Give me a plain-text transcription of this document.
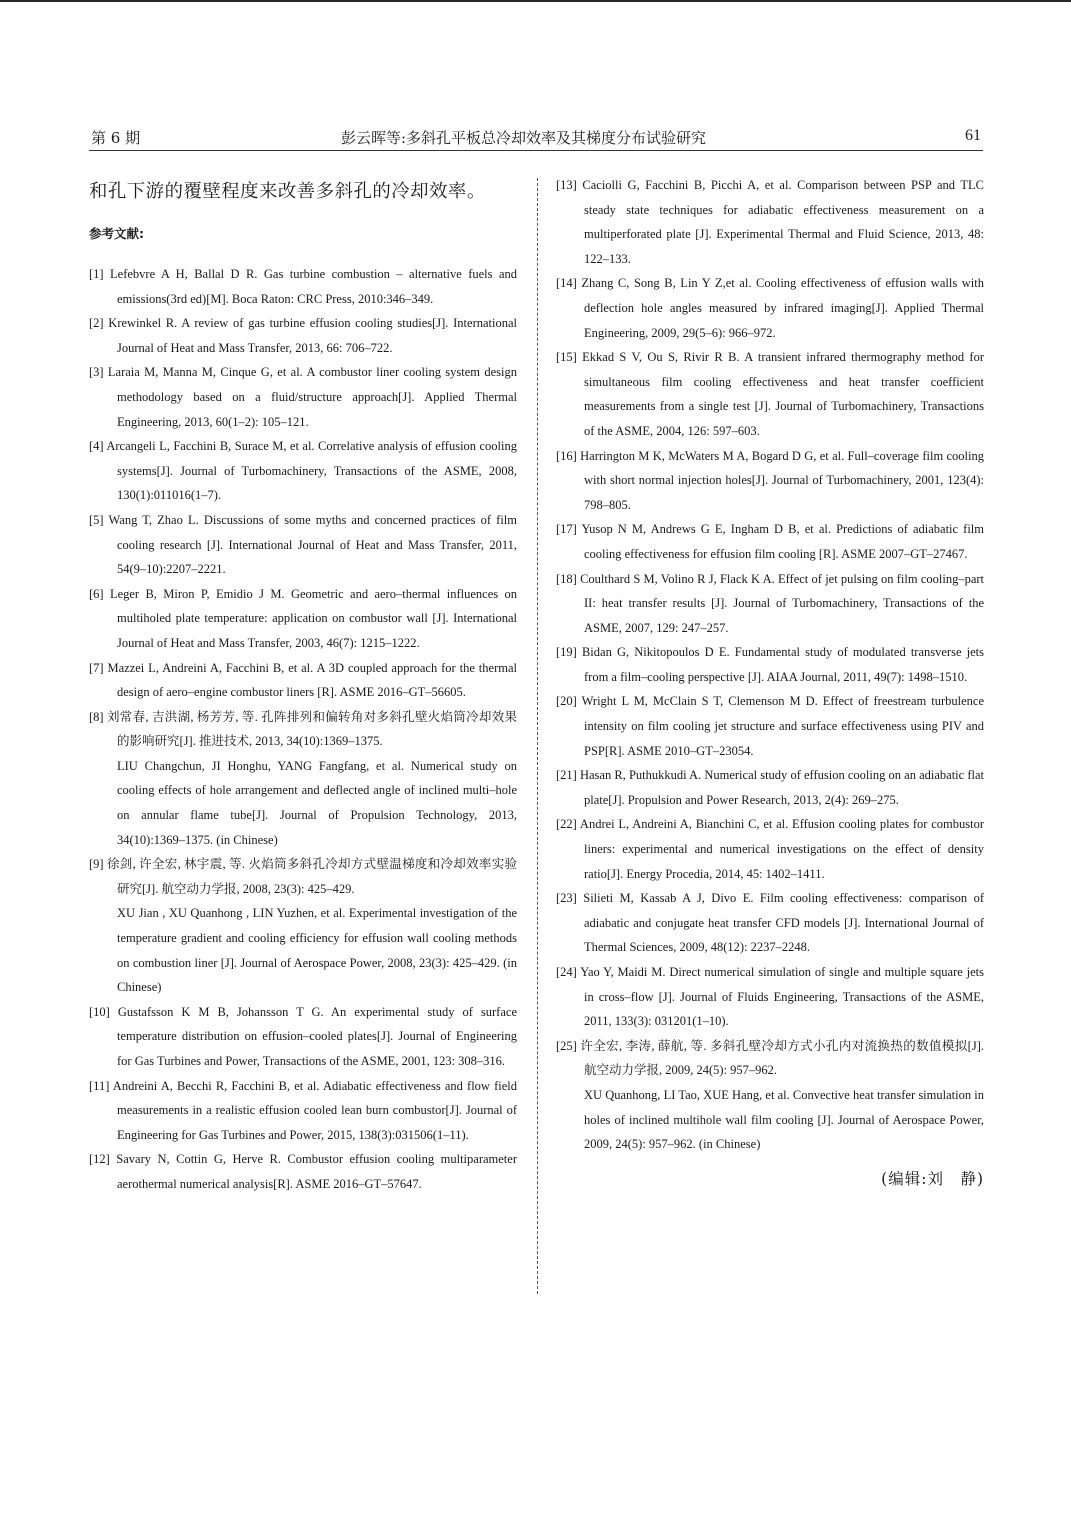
第 6 期	彭云晖等:多斜孔平板总冷却效率及其梯度分布试验研究	61

和孔下游的覆壁程度来改善多斜孔的冷却效率。

参考文献:
[1] Lefebvre A H, Ballal D R. Gas turbine combustion – alternative fuels and emissions(3rd ed)[M]. Boca Raton: CRC Press, 2010:346–349.
[2] Krewinkel R. A review of gas turbine effusion cooling studies[J]. International Journal of Heat and Mass Transfer, 2013, 66: 706–722.
[3] Laraia M, Manna M, Cinque G, et al. A combustor liner cooling system design methodology based on a fluid/structure approach[J]. Applied Thermal Engineering, 2013, 60(1–2): 105–121.
[4] Arcangeli L, Facchini B, Surace M, et al. Correlative analysis of effusion cooling systems[J]. Journal of Turbomachinery, Transactions of the ASME, 2008, 130(1):011016(1–7).
[5] Wang T, Zhao L. Discussions of some myths and concerned practices of film cooling research [J]. International Journal of Heat and Mass Transfer, 2011, 54(9–10):2207–2221.
[6] Leger B, Miron P, Emidio J M. Geometric and aero–thermal influences on multiholed plate temperature: application on combustor wall [J]. International Journal of Heat and Mass Transfer, 2003, 46(7): 1215–1222.
[7] Mazzei L, Andreini A, Facchini B, et al. A 3D coupled approach for the thermal design of aero–engine combustor liners [R]. ASME 2016–GT–56605.
[8] 刘常春, 吉洪湖, 杨芳芳, 等. 孔阵排列和偏转角对多斜孔壁火焰筒冷却效果的影响研究[J]. 推进技术, 2013, 34(10):1369–1375.
LIU Changchun, JI Honghu, YANG Fangfang, et al. Numerical study on cooling effects of hole arrangement and deflected angle of inclined multi–hole on annular flame tube[J]. Journal of Propulsion Technology, 2013, 34(10):1369–1375. (in Chinese)
[9] 徐剑, 许全宏, 林宇震, 等. 火焰筒多斜孔冷却方式壁温梯度和冷却效率实验研究[J]. 航空动力学报, 2008, 23(3): 425–429.
XU Jian , XU Quanhong , LIN Yuzhen, et al. Experimental investigation of the temperature gradient and cooling efficiency for effusion wall cooling methods on combustion liner [J]. Journal of Aerospace Power, 2008, 23(3): 425–429. (in Chinese)
[10] Gustafsson K M B, Johansson T G. An experimental study of surface temperature distribution on effusion–cooled plates[J]. Journal of Engineering for Gas Turbines and Power, Transactions of the ASME, 2001, 123: 308–316.
[11] Andreini A, Becchi R, Facchini B, et al. Adiabatic effectiveness and flow field measurements in a realistic effusion cooled lean burn combustor[J]. Journal of Engineering for Gas Turbines and Power, 2015, 138(3):031506(1–11).
[12] Savary N, Cottin G, Herve R. Combustor effusion cooling multiparameter aerothermal numerical analysis[R]. ASME 2016–GT–57647.
[13] Caciolli G, Facchini B, Picchi A, et al. Comparison between PSP and TLC steady state techniques for adiabatic effectiveness measurement on a multiperforated plate [J]. Experimental Thermal and Fluid Science, 2013, 48: 122–133.
[14] Zhang C, Song B, Lin Y Z,et al. Cooling effectiveness of effusion walls with deflection hole angles measured by infrared imaging[J]. Applied Thermal Engineering, 2009, 29(5–6): 966–972.
[15] Ekkad S V, Ou S, Rivir R B. A transient infrared thermography method for simultaneous film cooling effectiveness and heat transfer coefficient measurements from a single test [J]. Journal of Turbomachinery, Transactions of the ASME, 2004, 126: 597–603.
[16] Harrington M K, McWaters M A, Bogard D G, et al. Full–coverage film cooling with short normal injection holes[J]. Journal of Turbomachinery, 2001, 123(4): 798–805.
[17] Yusop N M, Andrews G E, Ingham D B, et al. Predictions of adiabatic film cooling effectiveness for effusion film cooling [R]. ASME 2007–GT–27467.
[18] Coulthard S M, Volino R J, Flack K A. Effect of jet pulsing on film cooling–part II: heat transfer results [J]. Journal of Turbomachinery, Transactions of the ASME, 2007, 129: 247–257.
[19] Bidan G, Nikitopoulos D E. Fundamental study of modulated transverse jets from a film–cooling perspective [J]. AIAA Journal, 2011, 49(7): 1498–1510.
[20] Wright L M, McClain S T, Clemenson M D. Effect of freestream turbulence intensity on film cooling jet structure and surface effectiveness using PIV and PSP[R]. ASME 2010–GT–23054.
[21] Hasan R, Puthukkudi A. Numerical study of effusion cooling on an adiabatic flat plate[J]. Propulsion and Power Research, 2013, 2(4): 269–275.
[22] Andrei L, Andreini A, Bianchini C, et al. Effusion cooling plates for combustor liners: experimental and numerical investigations on the effect of density ratio[J]. Energy Procedia, 2014, 45: 1402–1411.
[23] Silieti M, Kassab A J, Divo E. Film cooling effectiveness: comparison of adiabatic and conjugate heat transfer CFD models [J]. International Journal of Thermal Sciences, 2009, 48(12): 2237–2248.
[24] Yao Y, Maidi M. Direct numerical simulation of single and multiple square jets in cross–flow [J]. Journal of Fluids Engineering, Transactions of the ASME, 2011, 133(3): 031201(1–10).
[25] 许全宏, 李涛, 薛航, 等. 多斜孔壁冷却方式小孔内对流换热的数值模拟[J]. 航空动力学报, 2009, 24(5): 957–962.
XU Quanhong, LI Tao, XUE Hang, et al. Convective heat transfer simulation in holes of inclined multihole wall film cooling [J]. Journal of Aerospace Power, 2009, 24(5): 957–962. (in Chinese)
(编辑:刘　静)
